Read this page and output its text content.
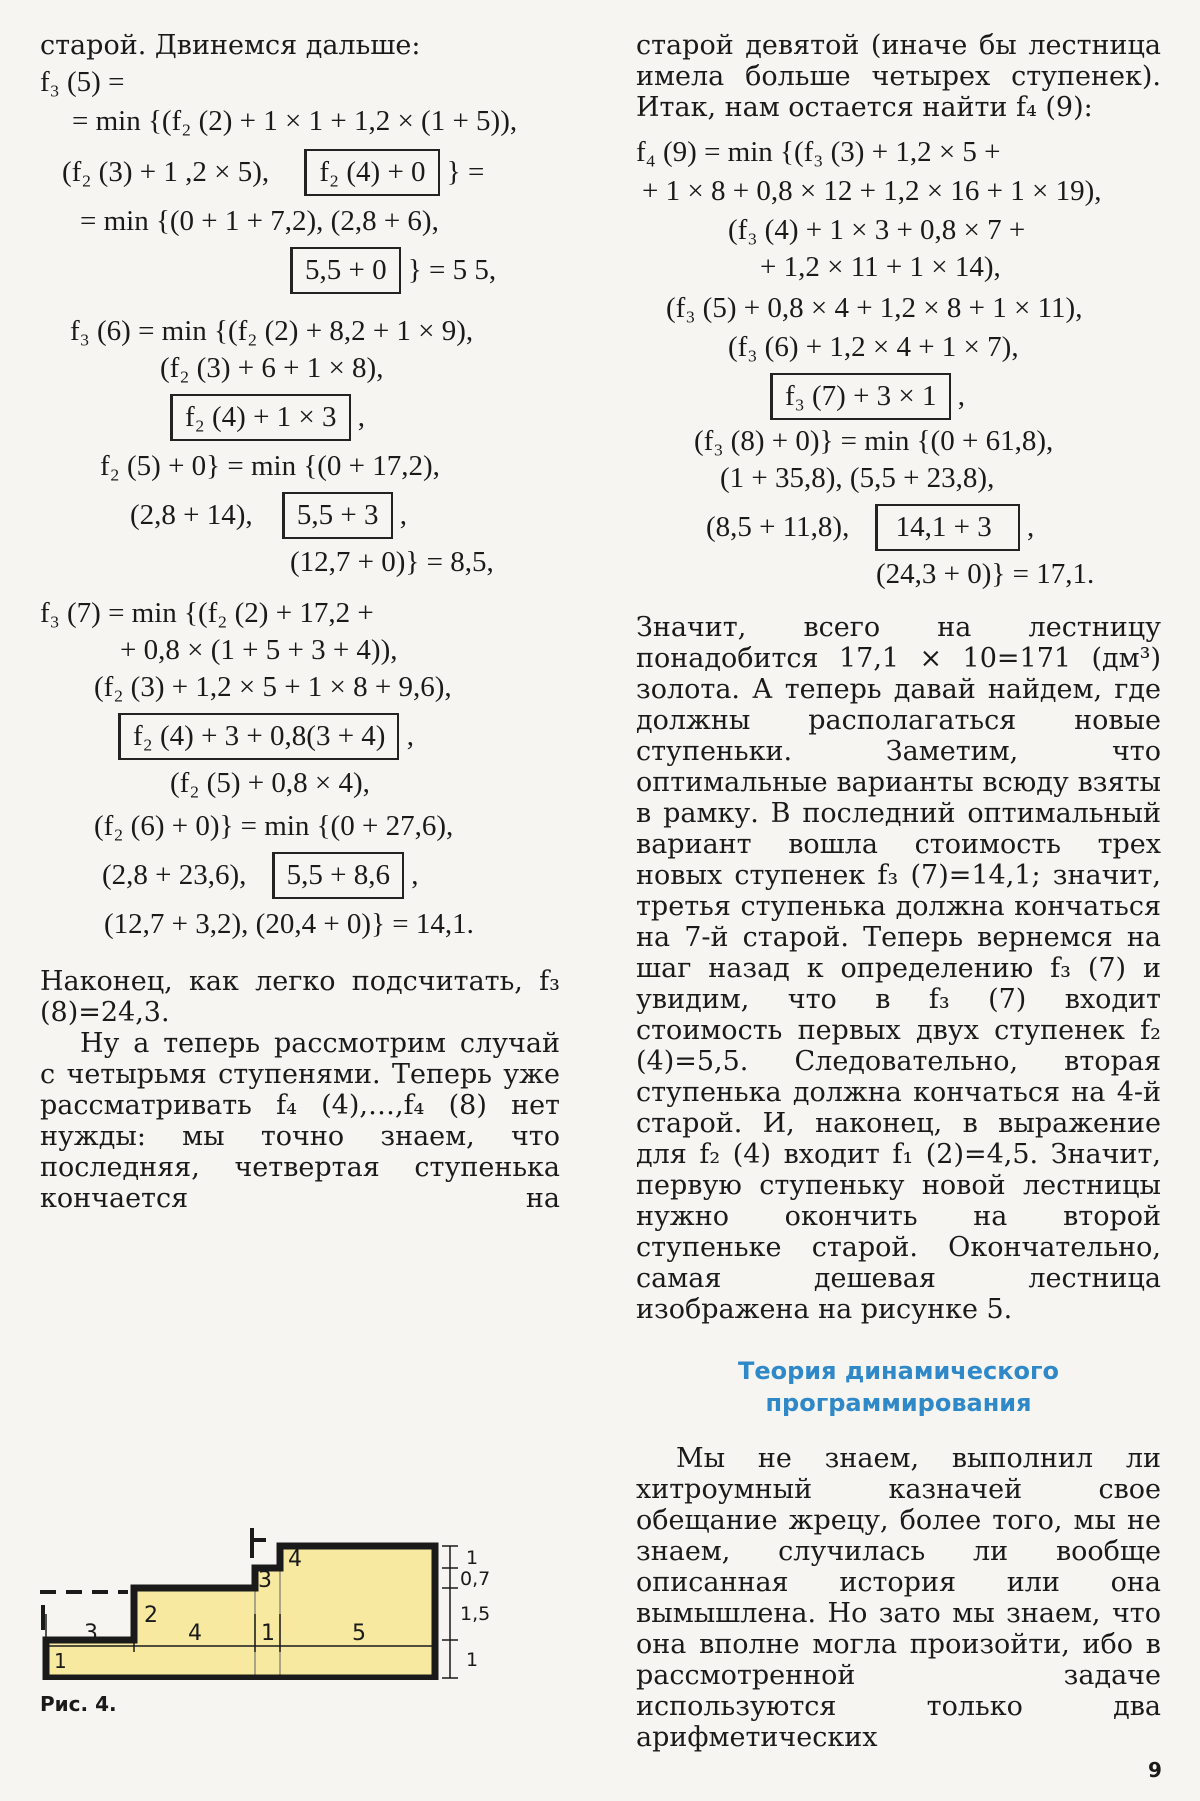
старой. Двинемся дальше:

f₃ (5) =
= min {(f₂ (2) + 1 × 1 + 1,2 × (1 + 5)),
(f₂ (3) + 1 ,2 × 5), f₂ (4) + 0 } =
= min {(0 + 1 + 7,2), (2,8 + 6),
5,5 + 0 } = 5 5,
f₃ (6) = min {(f₂ (2) + 8,2 + 1 × 9),
(f₂ (3) + 6 + 1 × 8),
f₂ (4) + 1 × 3 ,
f₂ (5) + 0} = min {(0 + 17,2),
(2,8 + 14), 5,5 + 3 ,
(12,7 + 0)} = 8,5,
f₃ (7) = min {(f₂ (2) + 17,2 +
+ 0,8 × (1 + 5 + 3 + 4)),
(f₂ (3) + 1,2 × 5 + 1 × 8 + 9,6),
f₂ (4) + 3 + 0,8(3 + 4) ,
(f₂ (5) + 0,8 × 4),
(f₂ (6) + 0)} = min {(0 + 27,6),
(2,8 + 23,6), 5,5 + 8,6 ,
(12,7 + 3,2), (20,4 + 0)} = 14,1.

Наконец, как легко подсчитать, f₃ (8)=24,3.

Ну а теперь рассмотрим случай с четырьмя ступенями. Теперь уже рассматривать f₄ (4),…,f₄ (8) нет нужды: мы точно знаем, что последняя, четвертая ступенька кончается на

старой девятой (иначе бы лестница имела больше четырех ступенек). Итак, нам остается найти f₄ (9):

f₄ (9) = min {(f₃ (3) + 1,2 × 5 +
+ 1 × 8 + 0,8 × 12 + 1,2 × 16 + 1 × 19),
(f₃ (4) + 1 × 3 + 0,8 × 7 +
+ 1,2 × 11 + 1 × 14),
(f₃ (5) + 0,8 × 4 + 1,2 × 8 + 1 × 11),
(f₃ (6) + 1,2 × 4 + 1 × 7),
f₃ (7) + 3 × 1 ,
(f₃ (8) + 0)} = min {(0 + 61,8),
(1 + 35,8), (5,5 + 23,8),
(8,5 + 11,8), 14,1 + 3 ,
(24,3 + 0)} = 17,1.

Значит, всего на лестницу понадобится 17,1 × 10=171 (дм³) золота. А теперь давай найдем, где должны располагаться новые ступеньки. Заметим, что оптимальные варианты всюду взяты в рамку. В последний оптимальный вариант вошла стоимость трех новых ступенек f₃ (7)=14,1; значит, третья ступенька должна кончаться на 7-й старой. Теперь вернемся на шаг назад к определению f₃ (7) и увидим, что в f₃ (7) входит стоимость первых двух ступенек f₂ (4)=5,5. Следовательно, вторая ступенька должна кончаться на 4-й старой. И, наконец, в выражение для f₂ (4) входит f₁ (2)=4,5. Значит, первую ступеньку новой лестницы нужно окончить на второй ступеньке старой. Окончательно, самая дешевая лестница изображена на рисунке 5.

Теория динамического

программирования

Мы не знаем, выполнил ли хитроумный казначей свое обещание жрецу, более того, мы не знаем, случилась ли вообще описанная история или она вымышлена. Но зато мы знаем, что она вполне могла произойти, ибо в рассмотренной задаче используются только два арифметических

1
2
3
4	1
0,7
1,5
1
3	4	1	5
Рис. 4.
9
